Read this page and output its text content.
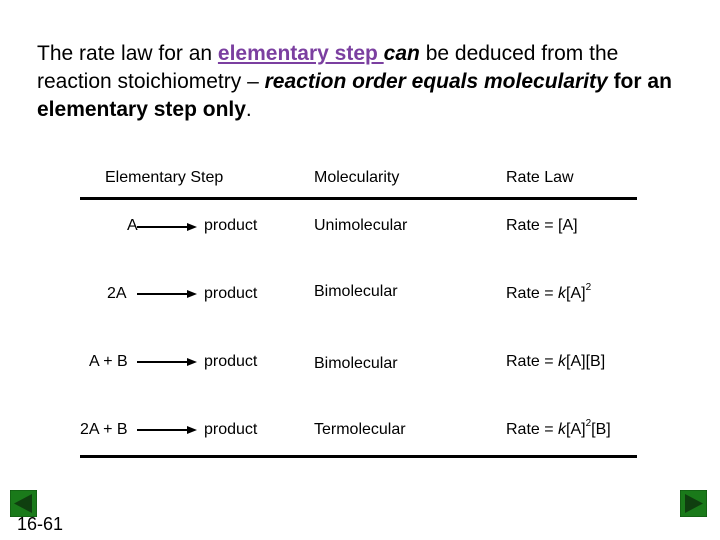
The rate law for an elementary step can be deduced from the reaction stoichiometry – reaction order equals molecularity for an elementary step only.

Elementary Step	Molecularity	Rate Law
A → product	Unimolecular	Rate = [A]
2A → product	Bimolecular	Rate = $k[A]^2$
A + B → product	Bimolecular	Rate = k[A][B]
2A + B → product	Termolecular	Rate = $k[A]^2[B]$
16-61
